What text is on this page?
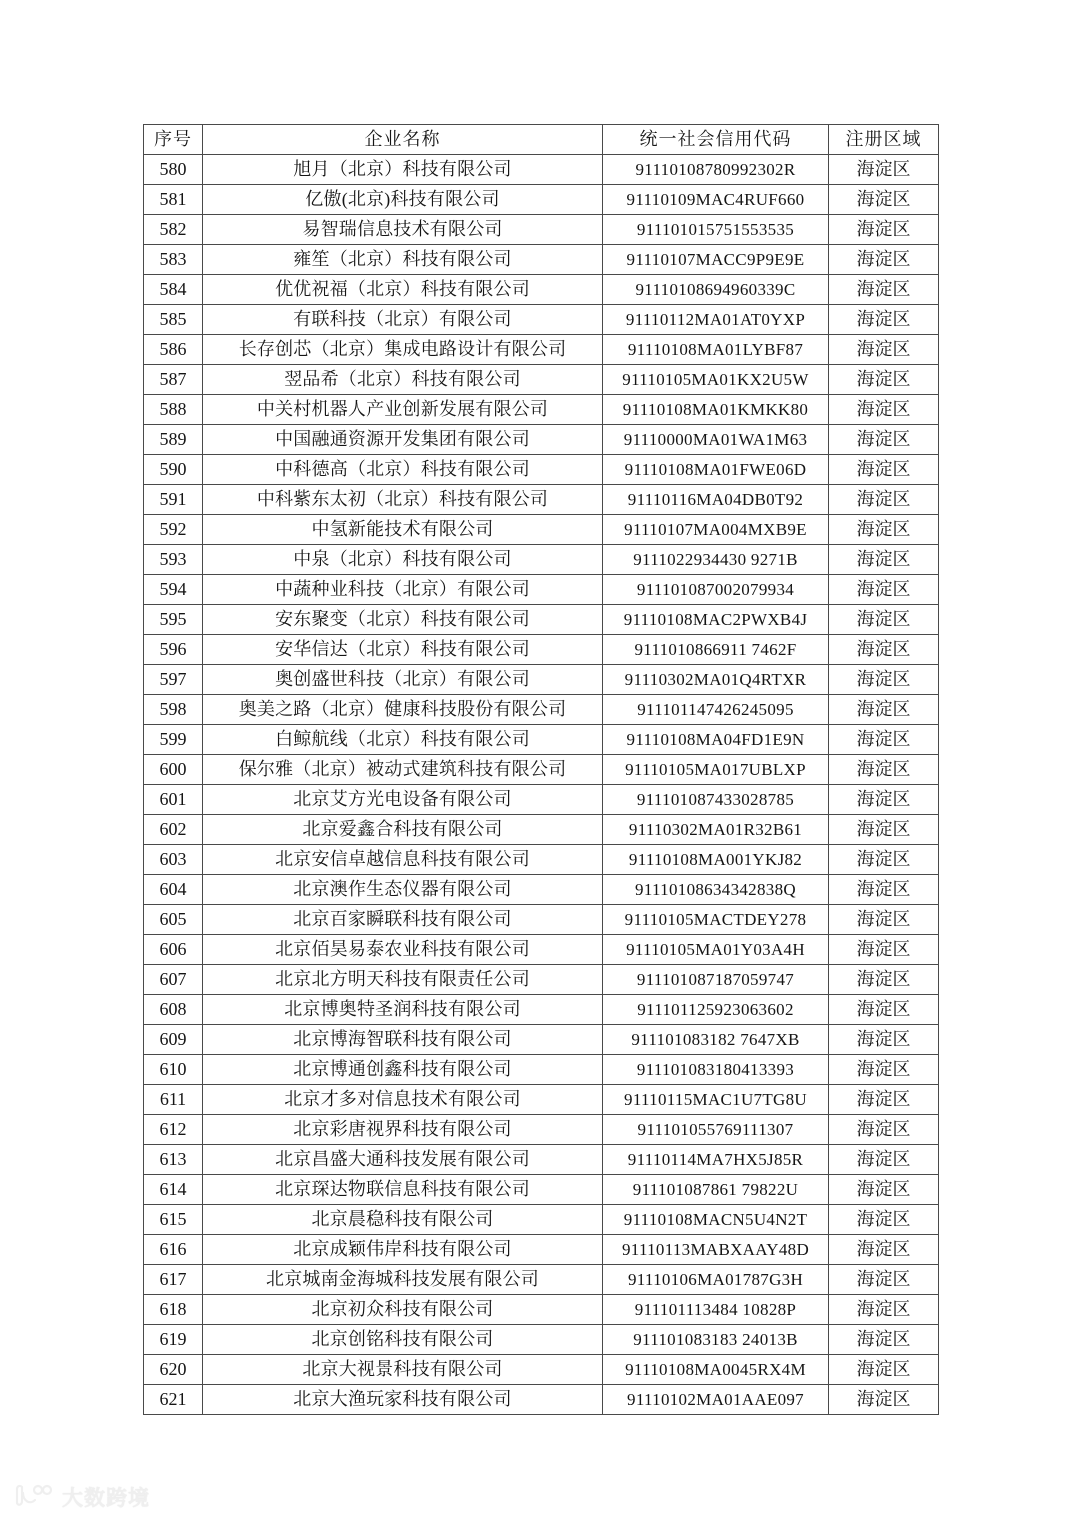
序号	企业名称	统一社会信用代码	注册区域
580	旭月（北京）科技有限公司	91110108780992302R	海淀区
581	亿傲(北京)科技有限公司	91110109MAC4RUF660	海淀区
582	易智瑞信息技术有限公司	911101015751553535	海淀区
583	雍笙（北京）科技有限公司	91110107MACC9P9E9E	海淀区
584	优优祝福（北京）科技有限公司	91110108694960339C	海淀区
585	有联科技（北京）有限公司	91110112MA01AT0YXP	海淀区
586	长存创芯（北京）集成电路设计有限公司	91110108MA01LYBF87	海淀区
587	翌品希（北京）科技有限公司	91110105MA01KX2U5W	海淀区
588	中关村机器人产业创新发展有限公司	91110108MA01KMKK80	海淀区
589	中国融通资源开发集团有限公司	91110000MA01WA1M63	海淀区
590	中科德高（北京）科技有限公司	91110108MA01FWE06D	海淀区
591	中科紫东太初（北京）科技有限公司	91110116MA04DB0T92	海淀区
592	中氢新能技术有限公司	91110107MA004MXB9E	海淀区
593	中泉（北京）科技有限公司	9111022934430 9271B	海淀区
594	中蔬种业科技（北京）有限公司	911101087002079934	海淀区
595	安东聚变（北京）科技有限公司	91110108MAC2PWXB4J	海淀区
596	安华信达（北京）科技有限公司	9111010866911 7462F	海淀区
597	奥创盛世科技（北京）有限公司	91110302MA01Q4RTXR	海淀区
598	奥美之路（北京）健康科技股份有限公司	911101147426245095	海淀区
599	白鲸航线（北京）科技有限公司	91110108MA04FD1E9N	海淀区
600	保尔雅（北京）被动式建筑科技有限公司	91110105MA017UBLXP	海淀区
601	北京艾方光电设备有限公司	911101087433028785	海淀区
602	北京爱鑫合科技有限公司	91110302MA01R32B61	海淀区
603	北京安信卓越信息科技有限公司	91110108MA001YKJ82	海淀区
604	北京澳作生态仪器有限公司	91110108634342838Q	海淀区
605	北京百家瞬联科技有限公司	91110105MACTDEY278	海淀区
606	北京佰昊易泰农业科技有限公司	91110105MA01Y03A4H	海淀区
607	北京北方明天科技有限责任公司	911101087187059747	海淀区
608	北京博奥特圣润科技有限公司	911101125923063602	海淀区
609	北京博海智联科技有限公司	911101083182 7647XB	海淀区
610	北京博通创鑫科技有限公司	911101083180413393	海淀区
611	北京才多对信息技术有限公司	91110115MAC1U7TG8U	海淀区
612	北京彩唐视界科技有限公司	911101055769111307	海淀区
613	北京昌盛大通科技发展有限公司	91110114MA7HX5J85R	海淀区
614	北京琛达物联信息科技有限公司	911101087861 79822U	海淀区
615	北京晨稳科技有限公司	91110108MACN5U4N2T	海淀区
616	北京成颖伟岸科技有限公司	91110113MABXAAY48D	海淀区
617	北京城南金海城科技发展有限公司	91110106MA01787G3H	海淀区
618	北京初众科技有限公司	911101113484 10828P	海淀区
619	北京创铭科技有限公司	911101083183 24013B	海淀区
620	北京大视景科技有限公司	91110108MA0045RX4M	海淀区
621	北京大渔玩家科技有限公司	91110102MA01AAE097	海淀区
大数跨境
